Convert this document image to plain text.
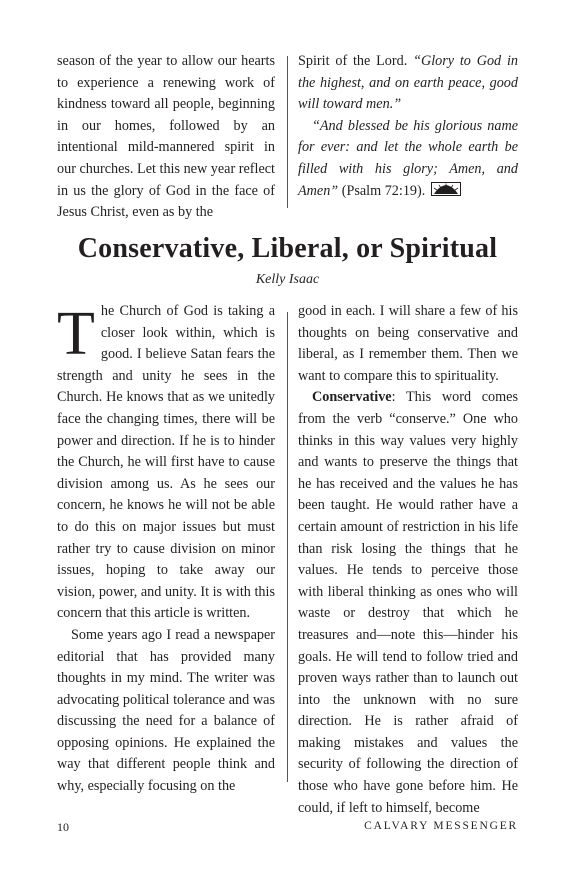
season of the year to allow our hearts to experience a renewing work of kindness toward all people, beginning in our homes, followed by an intentional mild-mannered spirit in our churches. Let this new year reflect in us the glory of God in the face of Jesus Christ, even as by the

Spirit of the Lord. “Glory to God in the highest, and on earth peace, good will toward men.”

“And blessed be his glorious name for ever: and let the whole earth be filled with his glory; Amen, and Amen” (Psalm 72:19).

Conservative, Liberal, or Spiritual
Kelly Isaac

The Church of God is taking a closer look within, which is good. I believe Satan fears the strength and unity he sees in the Church. He knows that as we unitedly face the changing times, there will be power and direction. If he is to hinder the Church, he will first have to cause division among us. As he sees our concern, he knows he will not be able to do this on major issues but must rather try to cause division on minor issues, hoping to take away our vision, power, and unity. It is with this concern that this article is written.

Some years ago I read a newspaper editorial that has provided many thoughts in my mind. The writer was advocating political tolerance and was discussing the need for a balance of opposing opinions. He explained the way that different people think and why, especially focusing on the

good in each. I will share a few of his thoughts on being conservative and liberal, as I remember them. Then we want to compare this to spirituality.

Conservative: This word comes from the verb “conserve.” One who thinks in this way values very highly and wants to preserve the things that he has received and the values he has been taught. He would rather have a certain amount of restriction in his life than risk losing the things that he values. He tends to perceive those with liberal thinking as ones who will waste or destroy that which he treasures and—note this—hinder his goals. He will tend to follow tried and proven ways rather than to launch out into the unknown with no sure direction. He is rather afraid of making mistakes and values the security of following the direction of those who have gone before him. He could, if left to himself, become

10	CALVARY MESSENGER
